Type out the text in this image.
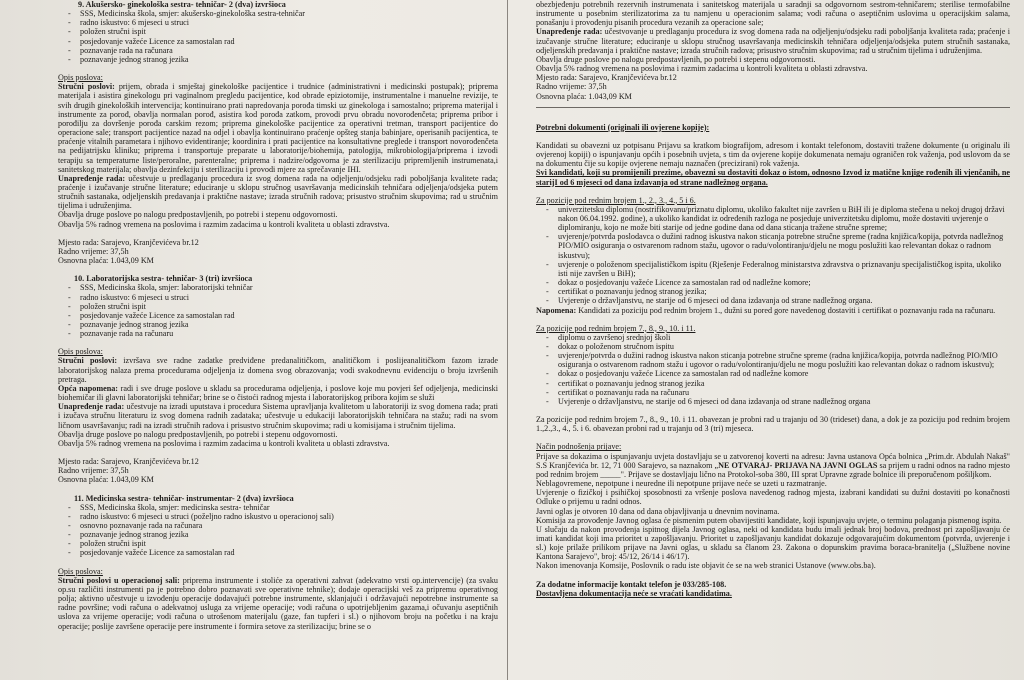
9. Akušersko- ginekološka sestra- tehničar- 2 (dva) izvršioca

- SSS, Medicinska škola, smjer: akušersko-ginekološka sestra-tehničar
- radno iskustvo: 6 mjeseci u struci
- položen stručni ispit
- posjedovanje važeće Licence za samostalan rad
- poznavanje rada na računara
- poznavanje jednog stranog jezika

Opis poslova:

Stručni poslovi: prijem, obrada i smještaj ginekološke pacijentice i trudnice (administrativni i medicinski postupak); priprema materijala i asistira ginekologu pri vaginalnom pregledu pacijentice, kod obrade epiziotomije, instrumentalne i manuelne revizije, te svih drugih ginekoloških intervencija; kontinuirano prati napredovanja porođa timski uz ginekologa i samostalno; priprema materijal i instrumente za porođ, obavlja normalan porođ, asistira kod porođa zatkom, provodi prvu obradu novorođenčeta; priprema pribor i porođilju za dovršenje porođa carskim rezom; priprema ginekološke pacijentice za operativni tretman, transport pacijentice do operacione sale; transport pacijentice nazad na odjel i obavlja kontinuirano praćenje opšteg stanja babinjare, operisanih pacijentica, te praćenje vitalnih parametara i njihovo evidentiranje; koordinira i prati pacijentice na konsultativne preglede i transport novorođenčeta na pedijatrijsku kliniku; priprema i transportuje preparate u laboratorije/biohemija, patologija, mikrobiologija/priprema i izvodi terapiju sa temperaturne liste/peroralne, parenteralne; priprema i nadzire/odgovorna je za sterilizaciju pripremljenih instrumenata,i sanitetskog materijala; obavlja dezinfekciju i sterilizaciju i provodi mjere za sprečavanje IHI.

Unapređenje rada: učestvuje u predlaganju procedura iz svog domena rada na odjeljenju/odsjeku radi poboljšanja kvalitete rada; praćenje i izučavanje stručne literature; educiranje u sklopu stručnog usavršavanja medicinskih tehničara odjeljenja/odsjeka putem stručnih sastanaka, odjeljenskih predavanja i praktične nastave; izrada stručnih radova; prisustvo stručnim skupovima; rad u stručnim tijelima i udruženjima.

Obavlja druge poslove po nalogu predpostavljenih, po potrebi i stepenu odgovornosti.

Obavlja 5% radnog vremena na poslovima i razmim zadacima u kontroli kvaliteta u oblasti zdravstva.

Mjesto rada: Sarajevo, Kranjčevićeva br.12

Radno vrijeme: 37,5h

Osnovna plaća: 1.043,09 KM

10. Laboratorijska sestra- tehničar- 3 (tri) izvršioca

- SSS, Medicinska škola, smjer: laboratorijski tehničar
- radno iskustvo: 6 mjeseci u struci
- položen stručni ispit
- posjedovanje važeće Licence za samostalan rad
- poznavanje jednog stranog jezika
- poznavanje rada na računaru

Opis poslova:

Stručni poslovi: izvršava sve radne zadatke predviđene predanalitičkom, analitičkom i poslijeanalitičkom fazom izrade laboratorijskog nalaza prema procedurama odjeljenja iz domena svog obrazovanja; vodi svakodnevnu evidenciju o broju izvršenih pretraga.

Opća napomena: radi i sve druge poslove u skladu sa procedurama odjeljenja, i poslove koje mu povjeri šef odjeljenja, medicinski biohemičar ili glavni laboratorijski tehničar; brine se o čistoći radnog mjesta i laboratorijskog pribora kojim se služi

Unapređenje rada: učestvuje na izradi uputstava i procedura Sistema upravljanja kvalitetom u laboratoriji iz svog domena rada; prati i izučava stručnu literaturu iz svog domena radnih zadataka; učestvuje u edukaciji laboratorijskih tehničara na stažu; radi na svom ličnom usavršavanju; radi na izradi stručnih radova i prisustvo stručnim skupovima; radi u komisijama i stručnim tijelima.

Obavlja druge poslove po nalogu predpostavljenih, po potrebi i stepenu odgovornosti.

Obavlja 5% radnog vremena na poslovima i razmim zadacima u kontroli kvaliteta u oblasti zdravstva.

Mjesto rada: Sarajevo, Kranjčevićeva br.12

Radno vrijeme: 37,5h

Osnovna plaća: 1.043,09 KM

11. Medicinska sestra- tehničar- instrumentar- 2 (dva) izvršioca

- SSS, Medicinska škola, smjer: medicinska sestra- tehničar
- radno iskustvo: 6 mjeseci u struci (poželjno radno iskustvo u operacionoj sali)
- osnovno poznavanje rada na računara
- poznavanje jednog stranog jezika
- položen stručni ispit
- posjedovanje važeće Licence za samostalan rad

Opis poslova:

Stručni poslovi u operacionoj sali: priprema instrumente i stoliće za operativni zahvat (adekvatno vrsti op.intervencije) (za svaku op.su različiti instrumenti pa je potrebno dobro poznavati sve operativne tehnike); dodaje operacijski veš za pripremu operativnog polja; aktivno učestvuje u izvođenju operacije dodavajući potrebne instrumente, sklanjajući i održavajući nepotrebne instrumente sa radne površine; vodi računa o adekvatnoj usluga za vrijeme operacije; vodi računa o upotrijebljenim gazama,i očuvanju aseptičnih uslova za vrijeme operacije; vodi računa o utrošenom materijalu (gaze, fan tupferi i sl.) o njihovom broju na početku i na kraju operacije; poslije završene operacije pere instrumente i formira setove za sterilizaciju; brine se o

obezbjeđenju potrebnih rezervnih instrumenata i sanitetskog materijala u saradnji sa odgovornom sestrom-tehničarem; sterilise termofabilne instrumente u posebnim sterilizatorima za tu namjenu u operacionim salama; vodi računa o aseptičnim uslovima u operacijskim salama, ponašanju i provođenju pisanih procedura vezanih za operacione sale;

Unapređenje rada: učestvovanje u predlaganju procedura iz svog domena rada na odjeljenju/odsjeku radi poboljšanja kvaliteta rada; praćenje i izučavanje stručne literature; educiranje u sklopu stručnog usavršavanja medicinskih tehničara odjeljenja/odsjeka putem stručnih sastanaka, odjeljenskih predavanja i praktične nastave; izrada stručnih radova; prisustvo stručnim skupovima; rad u stručnim tijelima i udruženjima.

Obavlja druge poslove po nalogu predpostavljenih, po potrebi i stepenu odgovornosti.

Obavlja 5% radnog vremena na poslovima i razmim zadacima u kontroli kvaliteta u oblasti zdravstva.

Mjesto rada: Sarajevo, Kranjčevićeva br.12

Radno vrijeme: 37,5h

Osnovna plaća: 1.043,09 KM

Potrebni dokumenti (originali ili ovjerene kopije):

Kandidati su obavezni uz potpisanu Prijavu sa kratkom biografijom, adresom i kontakt telefonom, dostaviti tražene dokumente (u originalu ili ovjerenoj kopiji) o ispunjavanju općih i posebnih uvjeta, s tim da ovjerene kopije dokumenata nemaju ograničen rok važenja, pod uslovom da se na dokumentu čije su kopije ovjerene nemaju naznačen (precizirani) rok važenja.

Svi kandidati, koji su promijenili prezime, obavezni su dostaviti dokaz o istom, odnosno Izvod iz matične knjige rođenih ili vjenčanih, ne starijI od 6 mjeseci od dana izdavanja od strane nadležnog organa.

Za pozicije pod rednim brojem 1., 2., 3., 4., 5 i 6.

- univerzitetsku diplomu (nostrifikovanu/priznatu diplomu, ukoliko fakultet nije završen u BiH ili je diploma stečena u nekoj drugoj državi nakon 06.04.1992. godine), a ukoliko kandidat iz određenih razloga ne posjeduje univerzitetsku diplomu, može dostaviti uvjerenje o diplomiranju, kojo ne može biti starije od jedne godine dana od dana sticanja tražene stručne spreme;
- uvjerenje/potvrda poslodavca o dužini radnog iskustva nakon sticanja potrebne stručne spreme (radna knjižica/kopija, potvrda nadležnog PIO/MIO osiguranja o ostvarenom radnom stažu, ugovor o radu/volontiranju/djelu ne mogu poslužiti kao relevantan dokaz o radnom iskustvu);
- uvjerenje o položenom specijalističkom ispitu (Rješenje Federalnog ministarstva zdravstva o priznavanju specijalističkog ispita, ukoliko isti nije završen u BiH);
- dokaz o posjedovanju važeće Licence za samostalan rad od nadležne komore;
- certifikat o poznavanju jednog stranog jezika;
- Uvjerenje o državljanstvu, ne starije od 6 mjeseci od dana izdavanja od strane nadležnog organa.

Napomena: Kandidati za poziciju pod rednim brojem 1., dužni su pored gore navedenog dostaviti i certifikat o poznavanju rada na računaru.

Za pozicije pod rednim brojem 7., 8., 9., 10. i 11.

- diplomu o završenoj srednjoj školi
- dokaz o položenom stručnom ispitu
- uvjerenje/potvrda o dužini radnog iskustva nakon sticanja potrebne stručne spreme (radna knjižica/kopija, potvrda nadležnog PIO/MIO osiguranja o ostvarenom radnom stažu i ugovor o radu/volontiranju/djelu ne mogu poslužiti kao relevantan dokaz o radnom iskustvu);
- dokaz o posjedovanju važeće Licence za samostalan rad od nadležne komore
- certifikat o poznavanju jednog stranog jezika
- certifikat o poznavanju rada na računaru
- Uvjerenje o državljanstvu, ne starije od 6 mjeseci od dana izdavanja od strane nadležnog organa

Za pozicije pod rednim brojem 7., 8., 9., 10. i 11. obavezan je probni rad u trajanju od 30 (trideset) dana, a dok je za poziciju pod rednim brojem 1.,2.,3., 4., 5. i 6. obavezan probni rad u trajanju od 3 (tri) mjeseca.

Način podnošenja prijave:

Prijave sa dokazima o ispunjavanju uvjeta dostavljaju se u zatvorenoj koverti na adresu: Javna ustanova Opća bolnica „Prim.dr. Abdulah Nakaš" S.S Kranjčevića br. 12, 71 000 Sarajevo, sa naznakom „NE OTVARAJ- PRIJAVA NA JAVNI OGLAS sa prijem u radni odnos na radno mjesto pod rednim brojem _____". Prijave se dostavljaju lično na Protokol-soba 380, III sprat Upravne zgrade bolnice ili preporučenom pošiljkom.

Neblagovremene, nepotpune i neuredne ili nepotpune prijave neće se uzeti u razmatranje.

Uvjerenje o fizičkoj i psihičkoj sposobnosti za vršenje poslova navedenog radnog mjesta, izabrani kandidati su dužni dostaviti po konačnosti Odluke o prijemu u radni odnos.

Javni oglas je otvoren 10 dana od dana objavljivanja u dnevnim novinama.

Komisija za provođenje Javnog oglasa će pismenim putem obavijestiti kandidate, koji ispunjavaju uvjete, o terminu polaganja pismenog ispita.

U slučaju da nakon provođenja ispitnog dijela Javnog oglasa, neki od kandidata budu imali jednak broj bodova, prednost pri zapošljavanju će imati kandidat koji ima prioritet u zapošljavanju. Prioritet u zapošljavanju kandidat dokazuje odgovarajućim dokumentom (potvrda, uvjerenje i sl.) koje prilaže prilikom prijave na Javni oglas, u skladu sa članom 23. Zakona o dopunskim pravima boraca-branitelja („Službene novine Kantona Sarajevo", broj: 45/12, 26/14 i 46/17).

Nakon imenovanja Komsije, Poslovnik o radu iste objavit će se na web stranici Ustanove (www.obs.ba).

Za dodatne informacije kontakt telefon je 033/285-108.

Dostavljena dokumentacija neće se vraćati kandidatima.
